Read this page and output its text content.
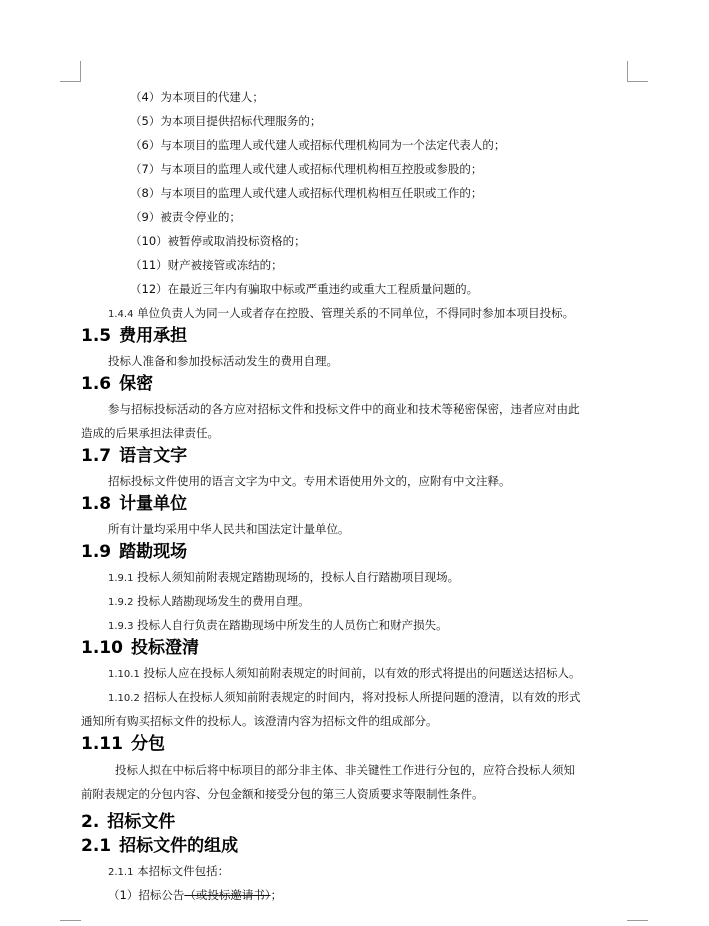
（4）为本项目的代建人；
（5）为本项目提供招标代理服务的；
（6）与本项目的监理人或代建人或招标代理机构同为一个法定代表人的；
（7）与本项目的监理人或代建人或招标代理机构相互控股或参股的；
（8）与本项目的监理人或代建人或招标代理机构相互任职或工作的；
（9）被责令停业的；
（10）被暂停或取消投标资格的；
（11）财产被接管或冻结的；
（12）在最近三年内有骗取中标或严重违约或重大工程质量问题的。
1.4.4 单位负责人为同一人或者存在控股、管理关系的不同单位，不得同时参加本项目投标。
1.5 费用承担
投标人准备和参加投标活动发生的费用自理。
1.6 保密
参与招标投标活动的各方应对招标文件和投标文件中的商业和技术等秘密保密，违者应对由此
造成的后果承担法律责任。
1.7 语言文字
招标投标文件使用的语言文字为中文。专用术语使用外文的，应附有中文注释。
1.8 计量单位
所有计量均采用中华人民共和国法定计量单位。
1.9 踏勘现场
1.9.1 投标人须知前附表规定踏勘现场的，投标人自行踏勘项目现场。
1.9.2 投标人踏勘现场发生的费用自理。
1.9.3 投标人自行负责在踏勘现场中所发生的人员伤亡和财产损失。
1.10 投标澄清
1.10.1 投标人应在投标人须知前附表规定的时间前，以有效的形式将提出的问题送达招标人。
1.10.2 招标人在投标人须知前附表规定的时间内，将对投标人所提问题的澄清，以有效的形式
通知所有购买招标文件的投标人。该澄清内容为招标文件的组成部分。
1.11 分包
投标人拟在中标后将中标项目的部分非主体、非关键性工作进行分包的，应符合投标人须知
前附表规定的分包内容、分包金额和接受分包的第三人资质要求等限制性条件。
2. 招标文件
2.1 招标文件的组成
2.1.1 本招标文件包括：
（1）招标公告（或投标邀请书）；
